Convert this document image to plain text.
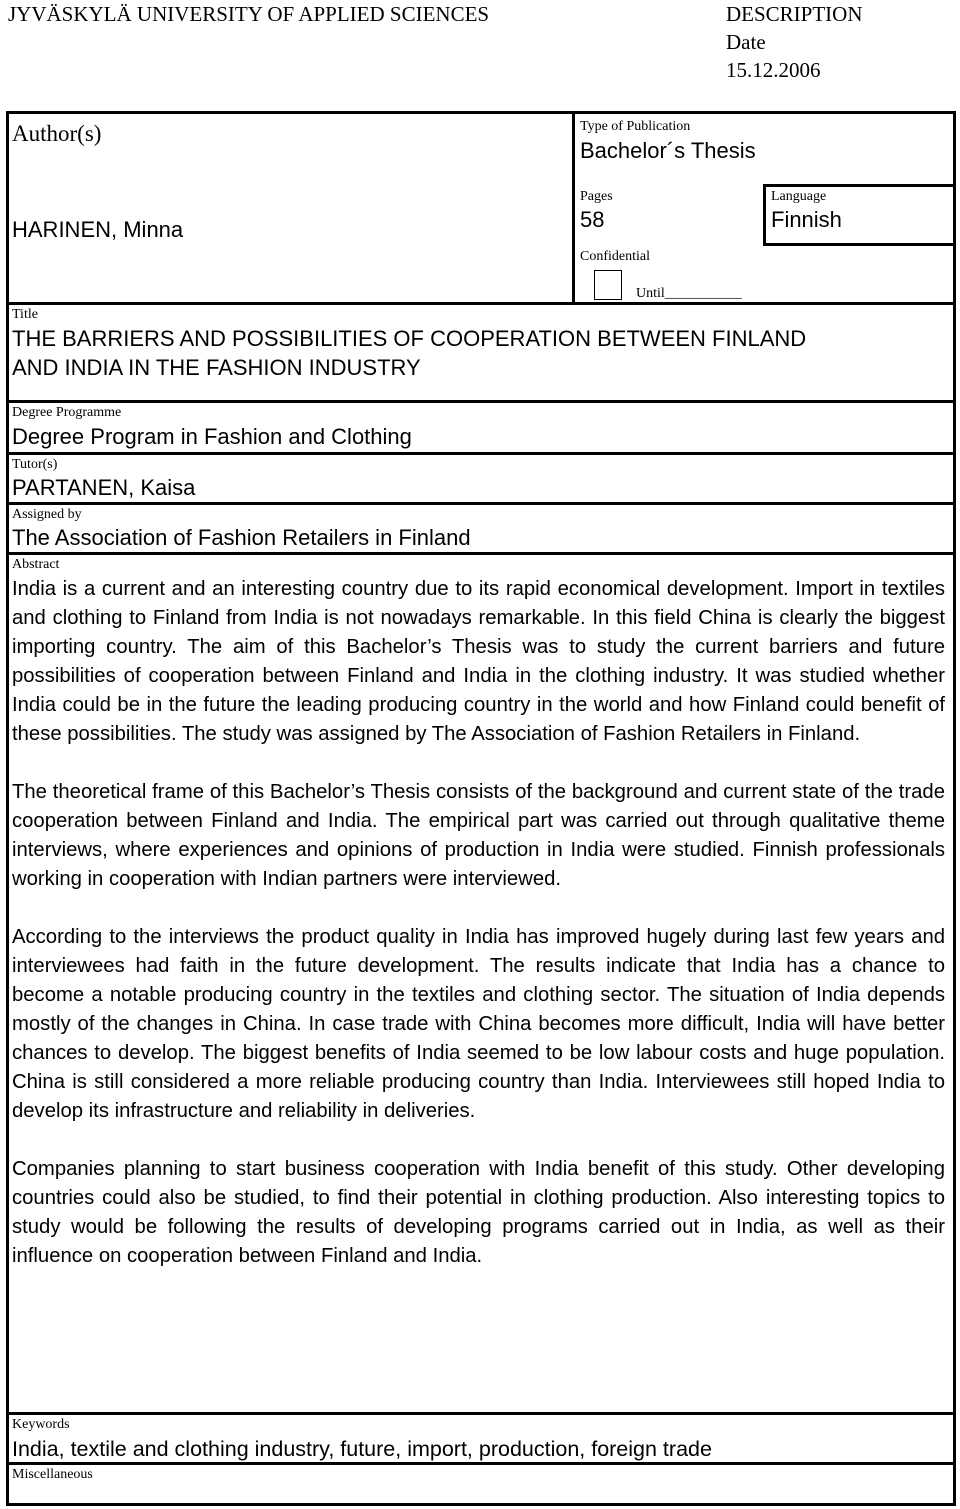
JYVÄSKYLÄ UNIVERSITY OF APPLIED SCIENCES	DESCRIPTION
Date
15.12.2006
Author(s)
HARINEN, Minna
Type of Publication
Bachelor´s Thesis
Pages
58
Language
Finnish
Confidential
Until___________
Title
THE BARRIERS AND POSSIBILITIES OF COOPERATION BETWEEN FINLAND
AND INDIA IN THE FASHION INDUSTRY
Degree Programme
Degree Program in Fashion and Clothing
Tutor(s)
PARTANEN, Kaisa
Assigned by
The Association of Fashion Retailers in Finland
Abstract

India is a current and an interesting country due to its rapid economical development. Import in textiles and clothing to Finland from India is not nowadays remarkable. In this field China is clearly the biggest importing country. The aim of this Bachelor’s Thesis was to study the current barriers and future possibilities of cooperation between Finland and India in the clothing industry. It was studied whether India could be in the future the leading producing country in the world and how Finland could benefit of these possibilities. The study was assigned by The Association of Fashion Retailers in Finland.

The theoretical frame of this Bachelor’s Thesis consists of the background and current state of the trade cooperation between Finland and India. The empirical part was carried out through qualitative theme interviews, where experiences and opinions of production in India were studied. Finnish professionals working in cooperation with Indian partners were interviewed.

According to the interviews the product quality in India has improved hugely during last few years and interviewees had faith in the future development. The results indicate that India has a chance to become a notable producing country in the textiles and clothing sector. The situation of India depends mostly of the changes in China. In case trade with China becomes more difficult, India will have better chances to develop. The biggest benefits of India seemed to be low labour costs and huge population. China is still considered a more reliable producing country than India. Interviewees still hoped India to develop its infrastructure and reliability in deliveries.

Companies planning to start business cooperation with India benefit of this study. Other developing countries could also be studied, to find their potential in clothing production. Also interesting topics to study would be following the results of developing programs carried out in India, as well as their influence on cooperation between Finland and India.

Keywords
India, textile and clothing industry, future, import, production, foreign trade
Miscellaneous
